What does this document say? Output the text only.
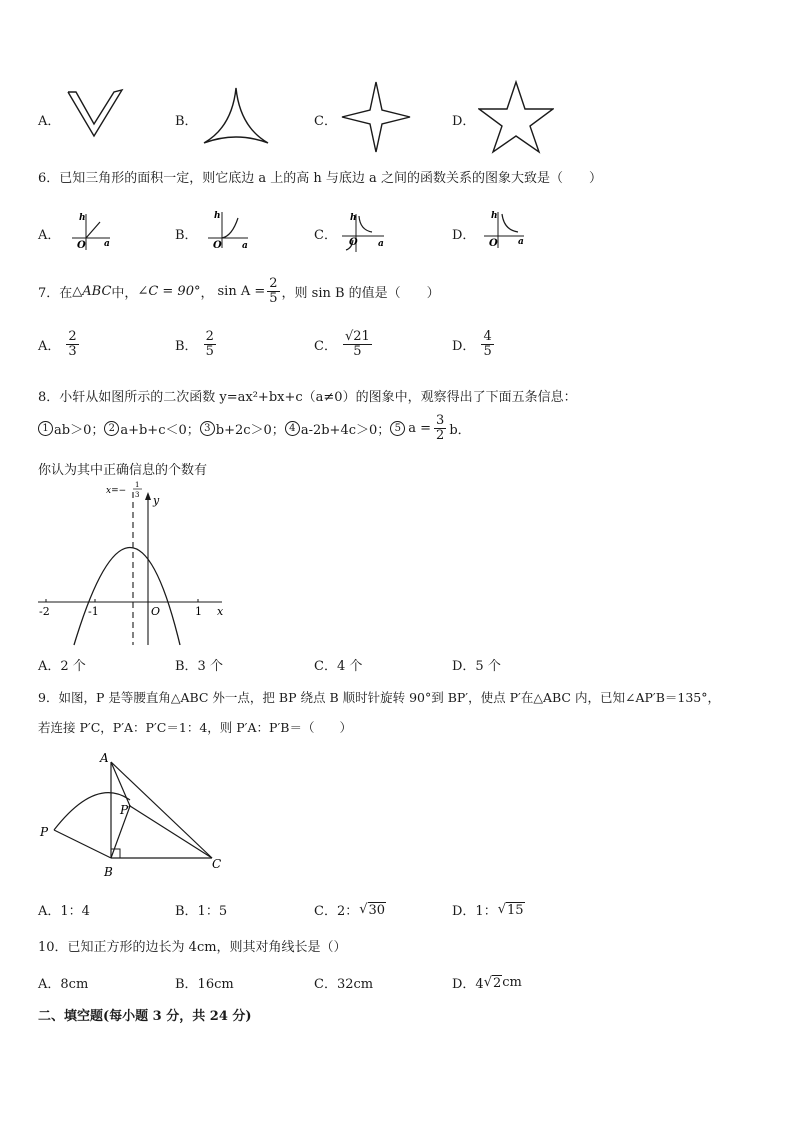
A．	B．	C．	D．
6．已知三角形的面积一定，则它底边 a 上的高 h 与底边 a 之间的函数关系的图象大致是（　　）
A．
h
O a
B．
h
O a
C．
h
O a
D．
h
O a
7．在 △ABC 中， ∠C = 90° ， $\sin A = \frac{2}{5}$ ，则 sin B 的值是（　　）
A． $\frac{2}{3}$	B． $\frac{2}{5}$	C． $\frac{√21}{5}$	D． $\frac{4}{5}$
8．小轩从如图所示的二次函数 y=ax²+bx+c（a≠0）的图象中，观察得出了下面五条信息：
1 ab＞0； 2 a+b+c＜0； 3 b+2c＞0； 4 a-2b+4c＞0； 5 $a = \frac{3}{2}$ b．
你认为其中正确信息的个数有
-2	-1	1
O	x
y
x=−
1
3
A．2 个	B．3 个	C．4 个	D．5 个
9．如图，P 是等腰直角△ABC 外一点，把 BP 绕点 B 顺时针旋转 90°到 BP′，使点 P′在△ABC 内，已知∠AP′B＝135°，
若连接 P′C，P′A：P′C＝1：4，则 P′A：P′B＝（　　）
A
B
C
P
P′
A．1：4	B．1：5	C．2： √ 30	D．1： √ 15
10．已知正方形的边长为 4cm，则其对角线长是（）
A．8cm	B．16cm	C．32cm	D．4 √ 2 cm
二、填空题(每小题 3 分，共 24 分)
